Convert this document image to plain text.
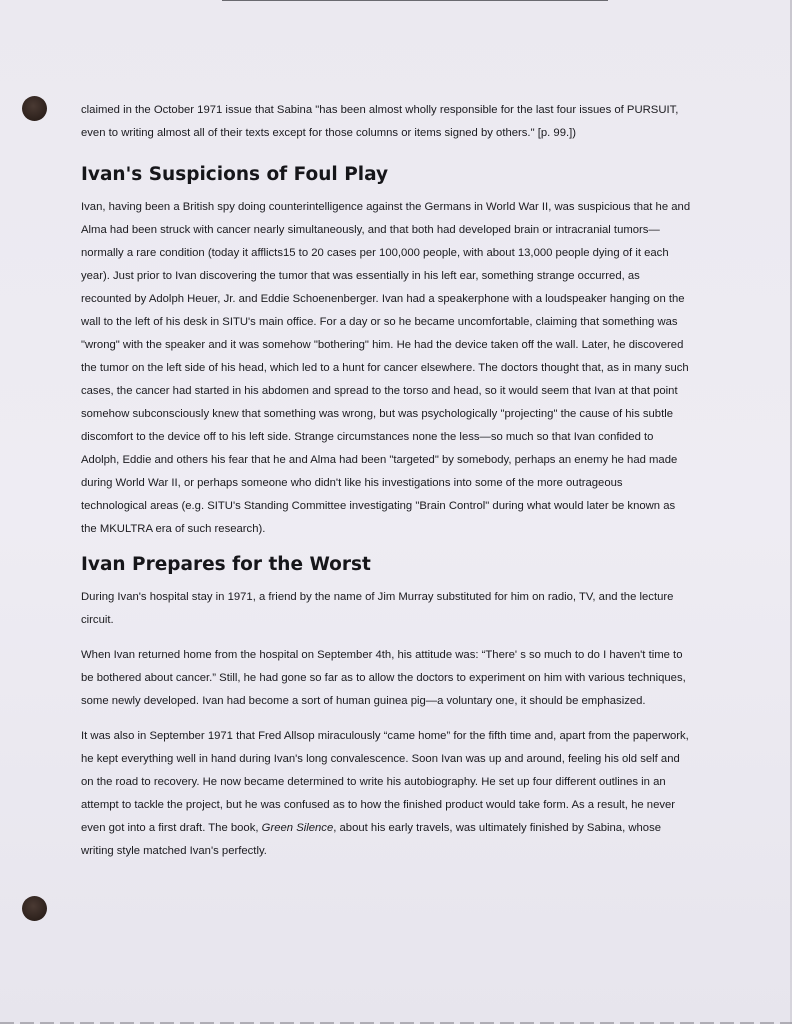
claimed in the October 1971 issue that Sabina "has been almost wholly responsible for the last four issues of PURSUIT, even to writing almost all of their texts except for those columns or items signed by others." [p. 99.])

Ivan's Suspicions of Foul Play

Ivan, having been a British spy doing counterintelligence against the Germans in World War II, was suspicious that he and Alma had been struck with cancer nearly simultaneously, and that both had developed brain or intracranial tumors—normally a rare condition (today it afflicts15 to 20 cases per 100,000 people, with about 13,000 people dying of it each year). Just prior to Ivan discovering the tumor that was essentially in his left ear, something strange occurred, as recounted by Adolph Heuer, Jr. and Eddie Schoenenberger. Ivan had a speakerphone with a loudspeaker hanging on the wall to the left of his desk in SITU's main office. For a day or so he became uncomfortable, claiming that something was "wrong" with the speaker and it was somehow "bothering" him. He had the device taken off the wall. Later, he discovered the tumor on the left side of his head, which led to a hunt for cancer elsewhere. The doctors thought that, as in many such cases, the cancer had started in his abdomen and spread to the torso and head, so it would seem that Ivan at that point somehow subconsciously knew that something was wrong, but was psychologically "projecting" the cause of his subtle discomfort to the device off to his left side. Strange circumstances none the less—so much so that Ivan confided to Adolph, Eddie and others his fear that he and Alma had been "targeted" by somebody, perhaps an enemy he had made during World War II, or perhaps someone who didn't like his investigations into some of the more outrageous technological areas (e.g. SITU's Standing Committee investigating "Brain Control" during what would later be known as the MKULTRA era of such research).

Ivan Prepares for the Worst

During Ivan's hospital stay in 1971, a friend by the name of Jim Murray substituted for him on radio, TV, and the lecture circuit.

When Ivan returned home from the hospital on September 4th, his attitude was: “There' s so much to do I haven't time to be bothered about cancer.” Still, he had gone so far as to allow the doctors to experiment on him with various techniques, some newly developed. Ivan had become a sort of human guinea pig—a voluntary one, it should be emphasized.

It was also in September 1971 that Fred Allsop miraculously “came home” for the fifth time and, apart from the paperwork, he kept everything well in hand during Ivan's long convalescence. Soon Ivan was up and around, feeling his old self and on the road to recovery. He now became determined to write his autobiography. He set up four different outlines in an attempt to tackle the project, but he was confused as to how the finished product would take form. As a result, he never even got into a first draft. The book, Green Silence, about his early travels, was ultimately finished by Sabina, whose writing style matched Ivan's perfectly.
